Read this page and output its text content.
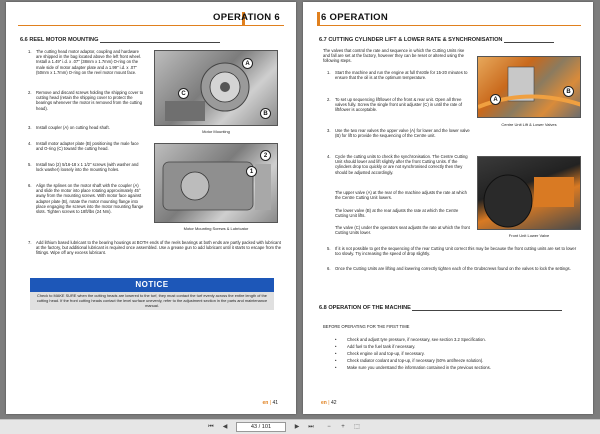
OPERATION 6
6.6 REEL MOTOR MOUNTING
1. The cutting head motor adaptor, coupling and hardware are shipped in the bag located above the left front wheel. Install a 1.49" i.d. x .07" (38mm x 1.7mm) O-ring on the male side of motor adapter plate and a 1.99" i.d. x .07" (50mm x 1.7mm) O-ring on the reel motor mount face.
2. Remove and discard screws holding the shipping cover to cutting head (retain the shipping cover to protect the bearings whenever the motor is removed from the cutting head).
3. Install coupler (A) on cutting head shaft.
4. Install motor adapter plate (B) positioning the male face and O-ring (C) toward the cutting head.
5. Install two (2) 5/16-18 x 1 1/2" screws (with washer and lock washer) loosely into the mounting holes.
6. Align the splines on the motor shaft with the coupler (A) and slide the motor into place rotating approximately 45° away from the mounting screws. With motor face against adapter plate (B), rotate the motor mounting flange into place engaging the screws into the motor mounting flange slots. Tighten screws to 18ft/lbs (24 Nm).
7. Add lithium based lubricant to the bearing housings at BOTH ends of the reels bearings at both ends are partly packed with lubricant at the factory, but additional lubricant is required once assembled. Use a grease gun to add lubricant until it starts to escape from the fittings. Wipe off any excess lubricant.
A
C
B
Motor Mounting
2
1
Motor Mounting Screws & Lubricator
NOTICE
Check to MAKE SURE when the cutting heads are lowered to the turf, they must contact the turf evenly across the entire length of the cutting head. If the front cutting heads contact the level surface unevenly, refer to the adjustment section in the parts and maintenance manual.
en | 41
6 OPERATION
6.7 CUTTING CYLINDER LIFT & LOWER RATE & SYNCHRONISATION
The valves that control the rate and sequence in which the Cutting Units rise and fall are set at the factory, however they can be reset or altered using the following steps.
1. Start the machine and run the engine at full throttle for 15-20 minutes to ensure that the oil is at the optimum temperature.
2. To set up sequencing lift/lower of the front & rear unit. Open all three valves fully. Screw the single front unit adjuster (C) in until the rate of lift/lower is acceptable.
3. Use the two rear valves the upper valve (A) for lower and the lower valve (B) for lift to provide the sequencing of the Centre unit.
4. Cycle the cutting units to check the synchronisation. The Centre Cutting Unit should lower and lift slightly after the front Cutting Units. If the cylinders drop too quickly or are not synchronised correctly then they should be adjusted accordingly.
The upper valve (A) at the rear of the machine adjusts the rate at which the Centre Cutting Unit lowers.
The lower valve (B) at the rear adjusts the rate at which the Centre Cutting Unit lifts.
The valve (C) under the operators seat adjusts the rate at which the front Cutting Units lower.
5. If it is not possible to get the sequencing of the rear Cutting Unit correct this may be because the front cutting units are set to lower too slowly. Try increasing the speed of drop slightly.
6. Once the Cutting Units are lifting and lowering correctly tighten each of the Grubscrews found on the valves to lock the settings.
A
B
Centre Unit Lift & Lower Valves
Front Unit Lower Valve
6.8 OPERATION OF THE MACHINE
BEFORE OPERATING FOR THE FIRST TIME
•	Check and adjust tyre pressure, if necessary, see section 3.2 Specification.
•	Add fuel to the fuel tank if necessary.
•	Check engine oil and top-up, if necessary.
•	Check radiator coolant and top-up, if necessary (50% antifreeze solution).
•	Make sure you understand the information contained in the previous sections.
en | 42
⏮	◀	43 / 101	▶	⏭	−	+	⬚
